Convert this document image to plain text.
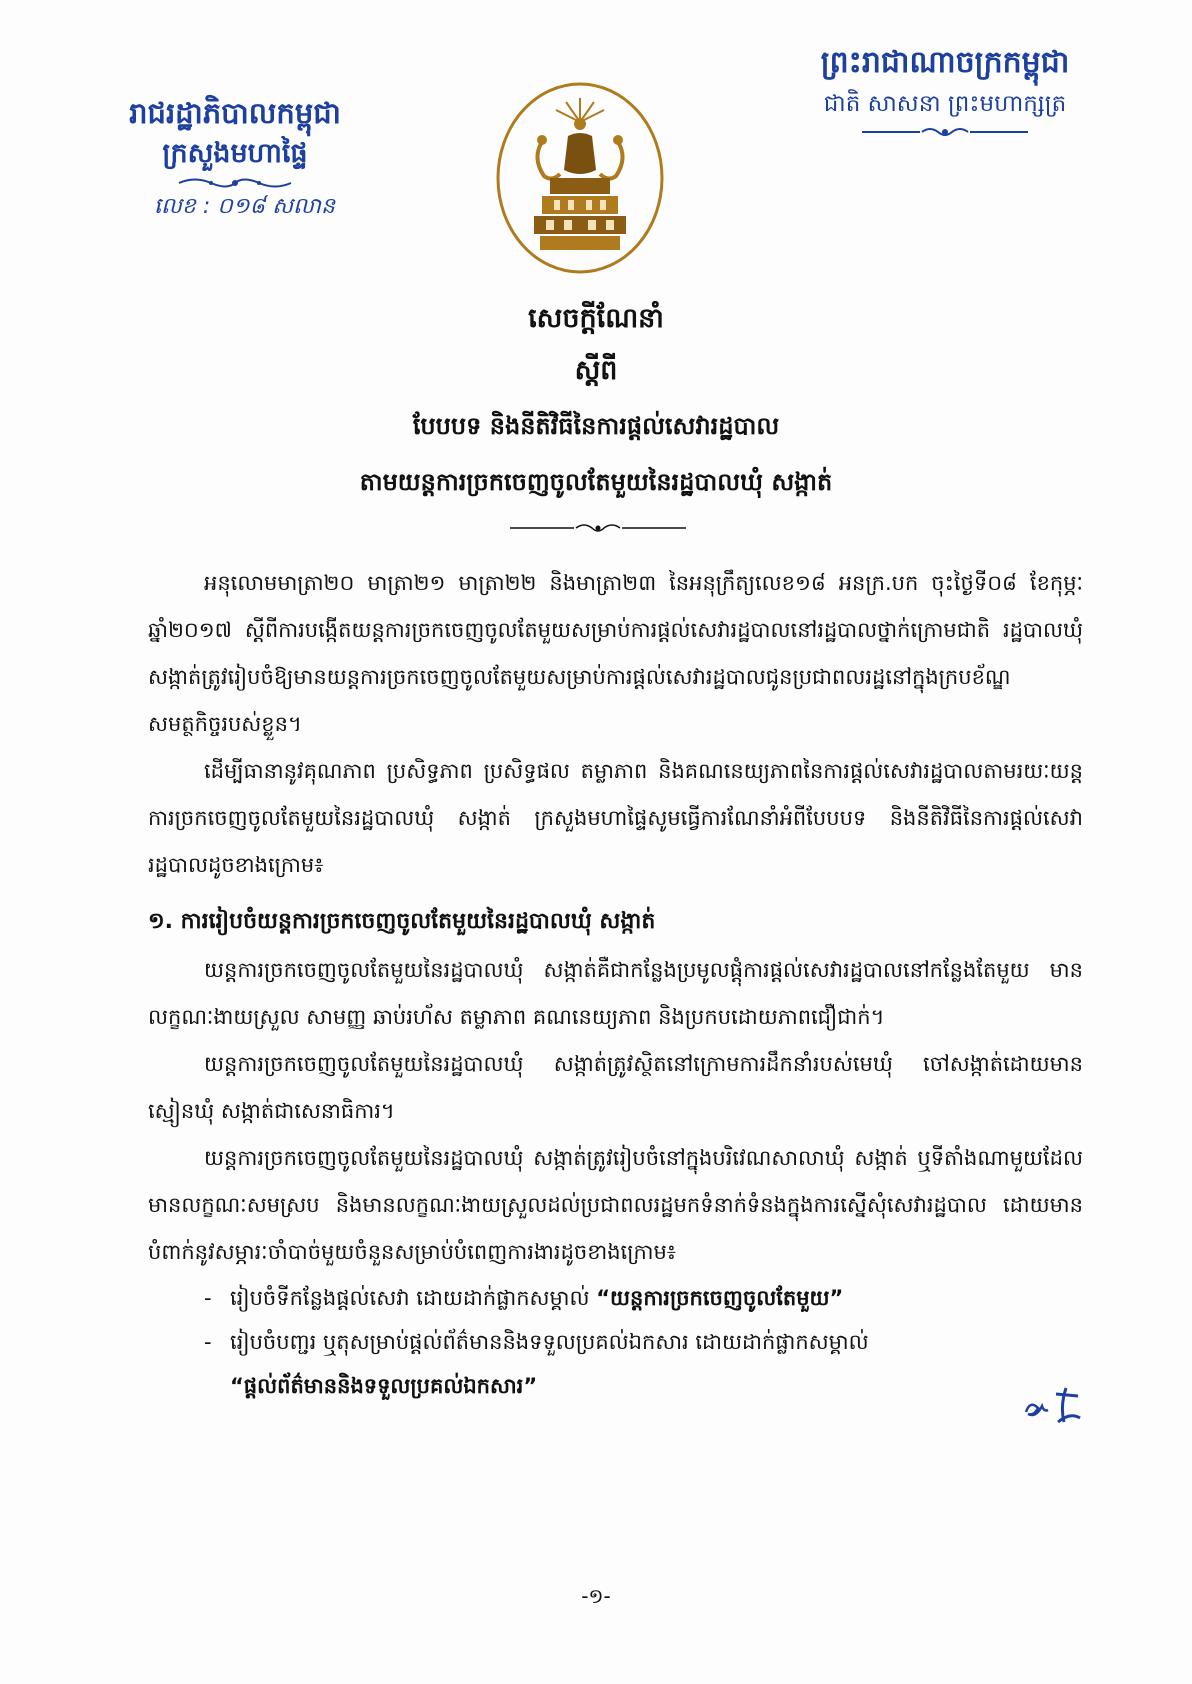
រាជរដ្ឋាភិបាលកម្ពុជា
ក្រសួងមហាផ្ទៃ
លេខ : ០១៨ សលាន
ព្រះរាជាណាចក្រកម្ពុជា
ជាតិ សាសនា ព្រះមហាក្សត្រ
សេចក្តីណែនាំ
ស្តីពី
បែបបទ និងនីតិវិធីនៃការផ្តល់សេវារដ្ឋបាល
តាមយន្តការច្រកចេញចូលតែមួយនៃរដ្ឋបាលឃុំ សង្កាត់

អនុលោមមាត្រា២០ មាត្រា២១ មាត្រា២២ និងមាត្រា២៣ នៃអនុក្រឹត្យលេខ១៨ អនក្រ.បក ចុះថ្ងៃទី០៨ ខែកុម្ភៈ ឆ្នាំ២០១៧ ស្តីពីការបង្កើតយន្តការច្រកចេញចូលតែមួយសម្រាប់ការផ្តល់សេវារដ្ឋបាលនៅរដ្ឋបាលថ្នាក់ក្រោមជាតិ រដ្ឋបាលឃុំ សង្កាត់ត្រូវរៀបចំឱ្យមានយន្តការច្រកចេញចូលតែមួយសម្រាប់ការផ្តល់សេវារដ្ឋបាលជូនប្រជាពលរដ្ឋនៅក្នុងក្របខ័ណ្ឌសមត្ថកិច្ចរបស់ខ្លួន។

ដើម្បីធានានូវគុណភាព ប្រសិទ្ធភាព ប្រសិទ្ធផល តម្លាភាព និងគណនេយ្យភាពនៃការផ្តល់សេវារដ្ឋបាលតាមរយៈយន្តការច្រកចេញចូលតែមួយនៃរដ្ឋបាលឃុំ សង្កាត់ ក្រសួងមហាផ្ទៃសូមធ្វើការណែនាំអំពីបែបបទ និងនីតិវិធីនៃការផ្តល់សេវារដ្ឋបាលដូចខាងក្រោម៖

១. ការរៀបចំយន្តការច្រកចេញចូលតែមួយនៃរដ្ឋបាលឃុំ សង្កាត់

យន្តការច្រកចេញចូលតែមួយនៃរដ្ឋបាលឃុំ សង្កាត់គឺជាកន្លែងប្រមូលផ្តុំការផ្តល់សេវារដ្ឋបាលនៅកន្លែងតែមួយ មានលក្ខណៈងាយស្រួល សាមញ្ញ ឆាប់រហ័ស តម្លាភាព គណនេយ្យភាព និងប្រកបដោយភាពជឿជាក់។

យន្តការច្រកចេញចូលតែមួយនៃរដ្ឋបាលឃុំ សង្កាត់ត្រូវស្ថិតនៅក្រោមការដឹកនាំរបស់មេឃុំ ចៅសង្កាត់ដោយមានស្មៀនឃុំ សង្កាត់ជាសេនាធិការ។

យន្តការច្រកចេញចូលតែមួយនៃរដ្ឋបាលឃុំ សង្កាត់ត្រូវរៀបចំនៅក្នុងបរិវេណសាលាឃុំ សង្កាត់ ឬទីតាំងណាមួយដែលមានលក្ខណៈសមស្រប និងមានលក្ខណៈងាយស្រួលដល់ប្រជាពលរដ្ឋមកទំនាក់ទំនងក្នុងការស្នើសុំសេវារដ្ឋបាល ដោយមានបំពាក់នូវសម្ភារៈចាំបាច់មួយចំនួនសម្រាប់បំពេញការងារដូចខាងក្រោម៖

- រៀបចំទីកន្លែងផ្តល់សេវា ដោយដាក់ផ្លាកសម្គាល់ “យន្តការច្រកចេញចូលតែមួយ”
- រៀបចំបញ្ជរ ឬតុសម្រាប់ផ្តល់ព័ត៌មាននិងទទួលប្រគល់ឯកសារ ដោយដាក់ផ្លាកសម្គាល់
“ផ្តល់ព័ត៌មាននិងទទួលប្រគល់ឯកសារ”
-១-
